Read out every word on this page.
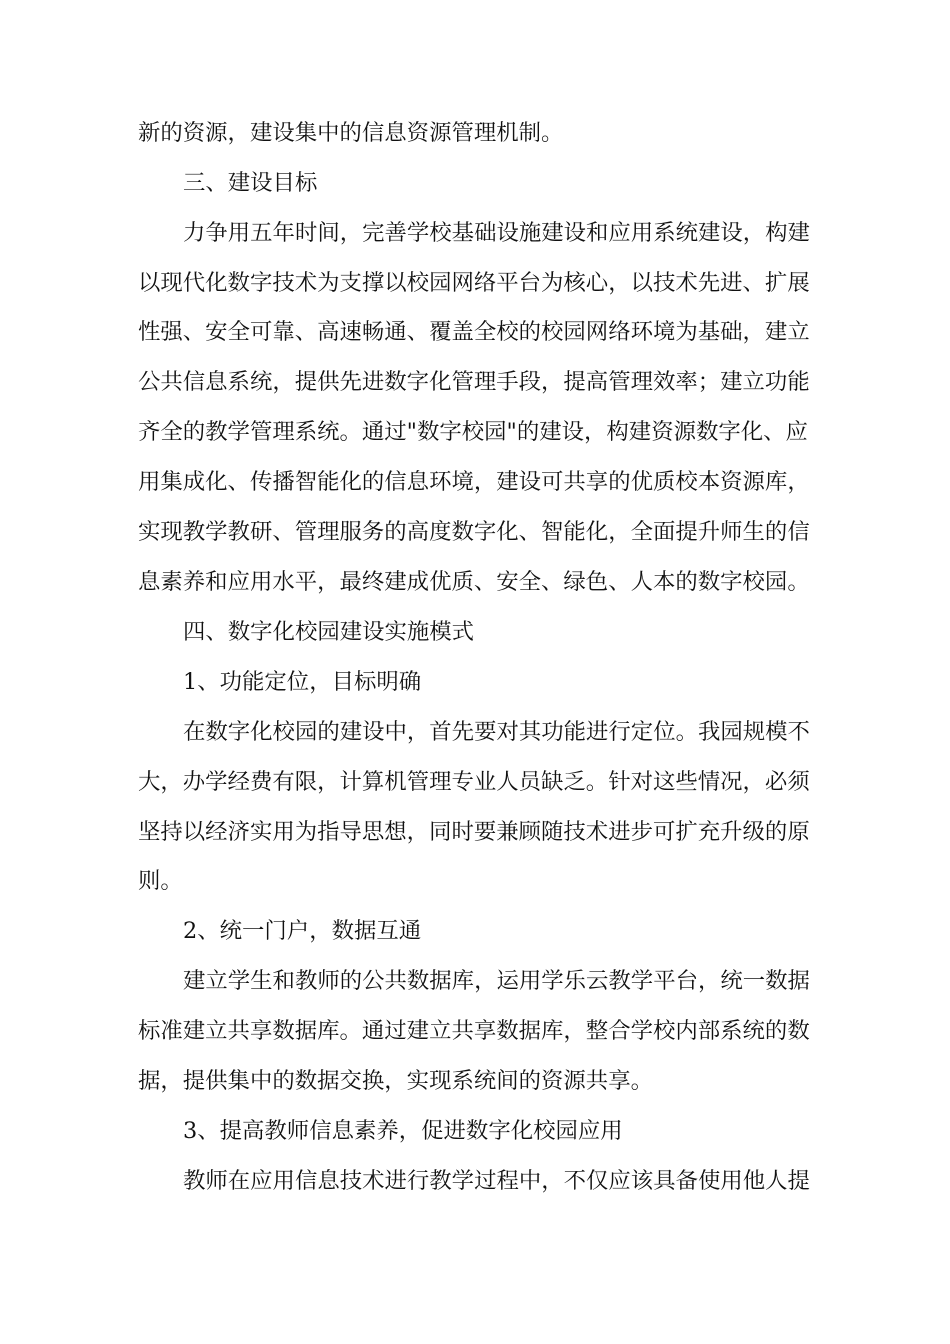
新的资源，建设集中的信息资源管理机制。
三、建设目标
力争用五年时间，完善学校基础设施建设和应用系统建设，构建
以现代化数字技术为支撑以校园网络平台为核心，以技术先进、扩展
性强、安全可靠、高速畅通、覆盖全校的校园网络环境为基础，建立
公共信息系统，提供先进数字化管理手段，提高管理效率；建立功能
齐全的教学管理系统。通过"数字校园"的建设，构建资源数字化、应
用集成化、传播智能化的信息环境，建设可共享的优质校本资源库，
实现教学教研、管理服务的高度数字化、智能化，全面提升师生的信
息素养和应用水平，最终建成优质、安全、绿色、人本的数字校园。
四、数字化校园建设实施模式
1、功能定位，目标明确
在数字化校园的建设中，首先要对其功能进行定位。我园规模不
大，办学经费有限，计算机管理专业人员缺乏。针对这些情况，必须
坚持以经济实用为指导思想，同时要兼顾随技术进步可扩充升级的原
则。
2、统一门户，数据互通
建立学生和教师的公共数据库，运用学乐云教学平台，统一数据
标准建立共享数据库。通过建立共享数据库，整合学校内部系统的数
据，提供集中的数据交换，实现系统间的资源共享。
3、提高教师信息素养，促进数字化校园应用
教师在应用信息技术进行教学过程中，不仅应该具备使用他人提
